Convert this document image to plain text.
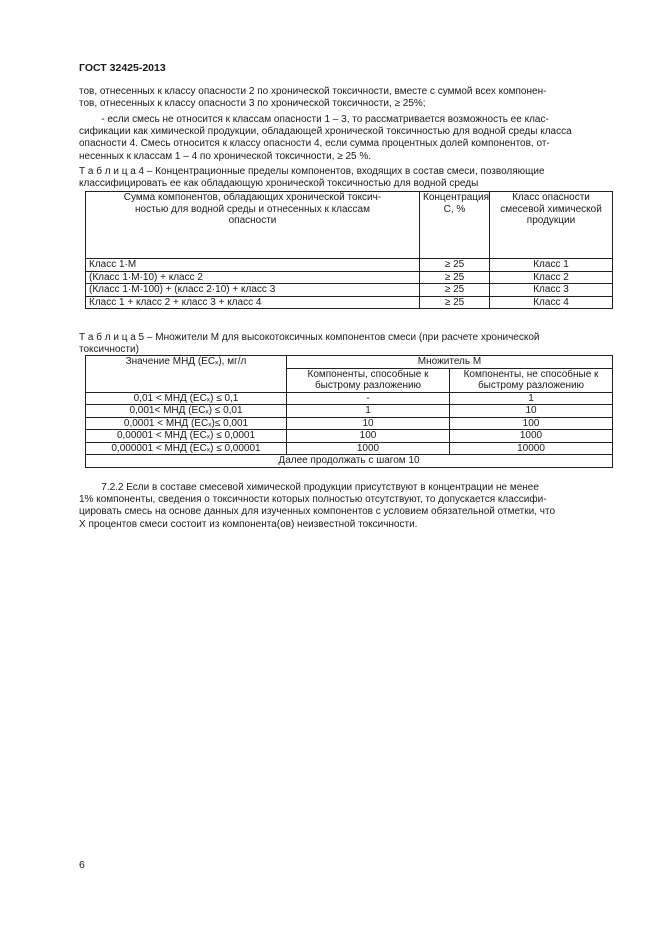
ГОСТ 32425-2013
тов, отнесенных к классу опасности 2 по хронической токсичности, вместе с суммой всех компонен-
тов, отнесенных к классу опасности 3 по хронической токсичности, ≥ 25%;
- если смесь не относится к классам опасности 1 – 3, то рассматривается возможность ее клас-
сификации как химической продукции, обладающей хронической токсичностью для водной среды класса
опасности 4. Смесь относится к классу опасности 4, если сумма процентных долей компонентов, от-
несенных к классам 1 – 4 по хронической токсичности, ≥ 25 %.
Т а б л и ц а 4 – Концентрационные пределы компонентов, входящих в состав смеси, позволяющие
классифицировать ее как обладающую хронической токсичностью для водной среды
Сумма компонентов, обладающих хронической токсич-
ностью для водной среды и отнесенных к классам
опасности	Концентрация
С, %	Класс опасности
смесевой химической
продукции
Класс 1·М	≥ 25	Класс 1
(Класс 1·М·10) + класс 2	≥ 25	Класс 2
(Класс 1·М·100) + (класс 2·10) + класс 3	≥ 25	Класс 3
Класс 1 + класс 2 + класс 3 + класс 4	≥ 25	Класс 4
Т а б л и ц а 5 – Множители М для высокотоксичных компонентов смеси (при расчете хронической
токсичности)
Значение МНД (ECₓ), мг/л	Множитель М	
	Компоненты, способные к
быстрому разложению	Компоненты, не способные к
быстрому разложению
0,01 < МНД (ECₓ) ≤ 0,1	-	1
0,001< МНД (ECₓ) ≤ 0,01	1	10
0,0001 < МНД (ECₓ)≤ 0,001	10	100
0,00001 < МНД (ECₓ) ≤ 0,0001	100	1000
0,000001 < МНД (ECₓ) ≤ 0,00001	1000	10000
Далее продолжать с шагом 10		
7.2.2 Если в составе смесевой химической продукции присутствуют в концентрации не менее
1% компоненты, сведения о токсичности которых полностью отсутствуют, то допускается классифи-
цировать смесь на основе данных для изученных компонентов с условием обязательной отметки, что
X процентов смеси состоит из компонента(ов) неизвестной токсичности.
6
